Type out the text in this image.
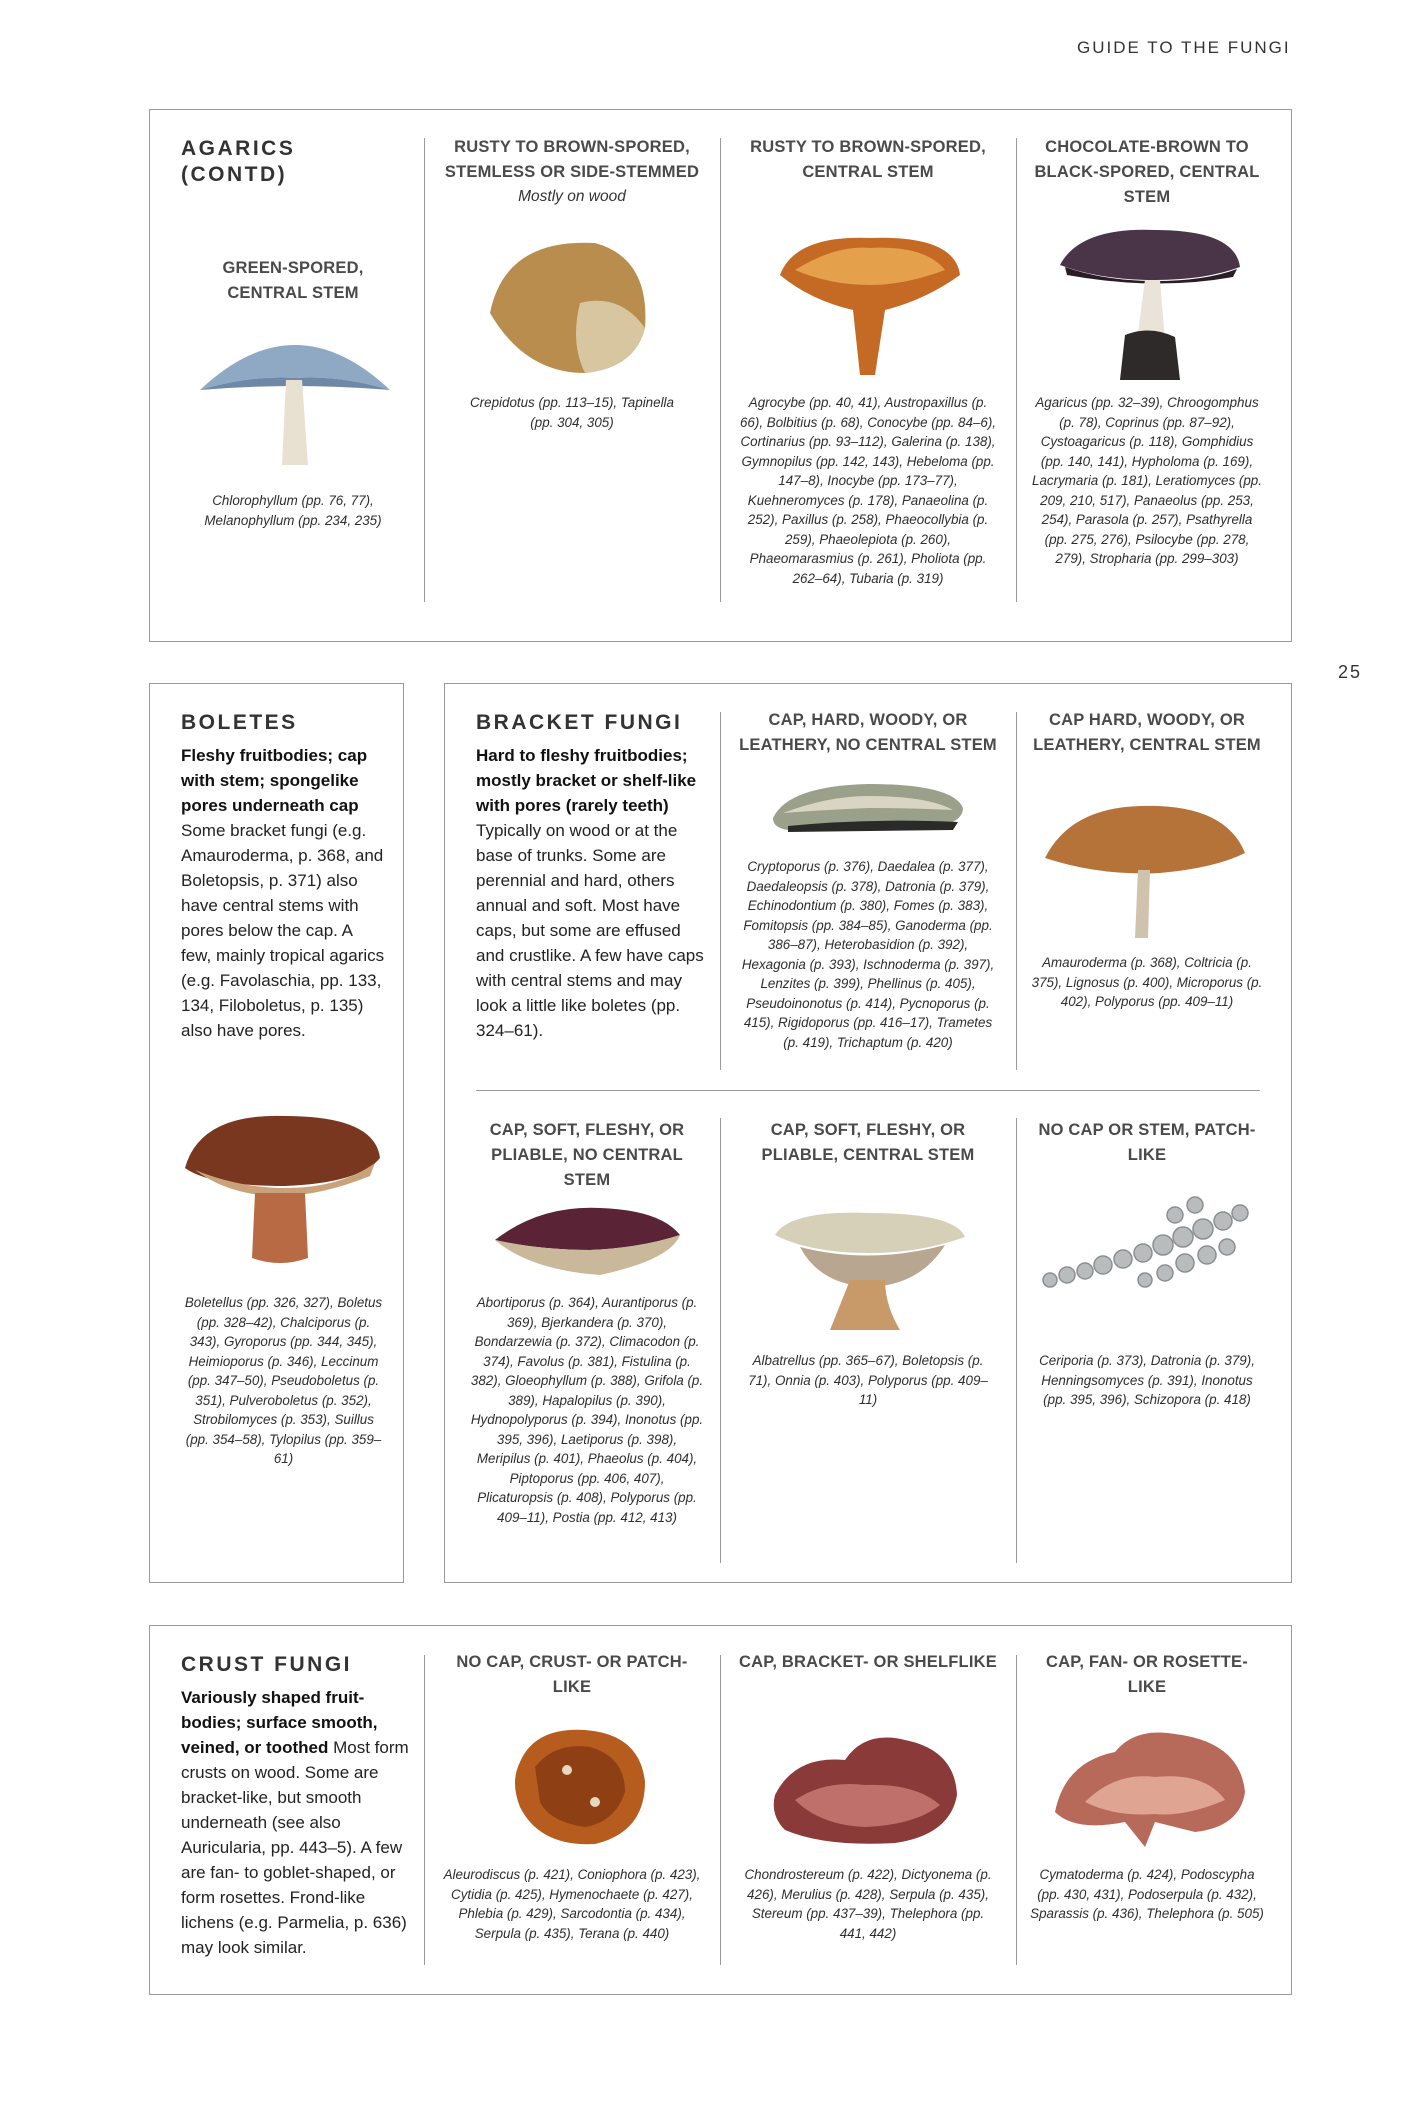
GUIDE TO THE FUNGI
25
AGARICS (CONTD)
GREEN-SPORED, CENTRAL STEM
Chlorophyllum (pp. 76, 77), Melanophyllum (pp. 234, 235)
RUSTY TO BROWN-SPORED, STEMLESS OR SIDE-STEMMED
Mostly on wood
Crepidotus (pp. 113–15), Tapinella (pp. 304, 305)
RUSTY TO BROWN-SPORED, CENTRAL STEM
Agrocybe (pp. 40, 41), Austropaxillus (p. 66), Bolbitius (p. 68), Conocybe (pp. 84–6), Cortinarius (pp. 93–112), Galerina (p. 138), Gymnopilus (pp. 142, 143), Hebeloma (pp. 147–8), Inocybe (pp. 173–77), Kuehneromyces (p. 178), Panaeolina (p. 252), Paxillus (p. 258), Phaeocollybia (p. 259), Phaeolepiota (p. 260), Phaeomarasmius (p. 261), Pholiota (pp. 262–64), Tubaria (p. 319)
CHOCOLATE-BROWN TO BLACK-SPORED, CENTRAL STEM
Agaricus (pp. 32–39), Chroogomphus (p. 78), Coprinus (pp. 87–92), Cystoagaricus (p. 118), Gomphidius (pp. 140, 141), Hypholoma (p. 169), Lacrymaria (p. 181), Leratiomyces (pp. 209, 210, 517), Panaeolus (pp. 253, 254), Parasola (p. 257), Psathyrella (pp. 275, 276), Psilocybe (pp. 278, 279), Stropharia (pp. 299–303)
BOLETES
Fleshy fruitbodies; cap with stem; spongelike pores underneath cap Some bracket fungi (e.g. Amauroderma, p. 368, and Boletopsis, p. 371) also have central stems with pores below the cap. A few, mainly tropical agarics (e.g. Favolaschia, pp. 133, 134, Filoboletus, p. 135) also have pores.
Boletellus (pp. 326, 327), Boletus (pp. 328–42), Chalciporus (p. 343), Gyroporus (pp. 344, 345), Heimioporus (p. 346), Leccinum (pp. 347–50), Pseudoboletus (p. 351), Pulveroboletus (p. 352), Strobilomyces (p. 353), Suillus (pp. 354–58), Tylopilus (pp. 359–61)
BRACKET FUNGI
Hard to fleshy fruitbodies; mostly bracket or shelf-like with pores (rarely teeth) Typically on wood or at the base of trunks. Some are perennial and hard, others annual and soft. Most have caps, but some are effused and crustlike. A few have caps with central stems and may look a little like boletes (pp. 324–61).
CAP, HARD, WOODY, OR LEATHERY, NO CENTRAL STEM
Cryptoporus (p. 376), Daedalea (p. 377), Daedaleopsis (p. 378), Datronia (p. 379), Echinodontium (p. 380), Fomes (p. 383), Fomitopsis (pp. 384–85), Ganoderma (pp. 386–87), Heterobasidion (p. 392), Hexagonia (p. 393), Ischnoderma (p. 397), Lenzites (p. 399), Phellinus (p. 405), Pseudoinonotus (p. 414), Pycnoporus (p. 415), Rigidoporus (pp. 416–17), Trametes (p. 419), Trichaptum (p. 420)
CAP HARD, WOODY, OR LEATHERY, CENTRAL STEM
Amauroderma (p. 368), Coltricia (p. 375), Lignosus (p. 400), Microporus (p. 402), Polyporus (pp. 409–11)
CAP, SOFT, FLESHY, OR PLIABLE, NO CENTRAL STEM
Abortiporus (p. 364), Aurantiporus (p. 369), Bjerkandera (p. 370), Bondarzewia (p. 372), Climacodon (p. 374), Favolus (p. 381), Fistulina (p. 382), Gloeophyllum (p. 388), Grifola (p. 389), Hapalopilus (p. 390), Hydnopolyporus (p. 394), Inonotus (pp. 395, 396), Laetiporus (p. 398), Meripilus (p. 401), Phaeolus (p. 404), Piptoporus (pp. 406, 407), Plicaturopsis (p. 408), Polyporus (pp. 409–11), Postia (pp. 412, 413)
CAP, SOFT, FLESHY, OR PLIABLE, CENTRAL STEM
Albatrellus (pp. 365–67), Boletopsis (p. 71), Onnia (p. 403), Polyporus (pp. 409–11)
NO CAP OR STEM, PATCH-LIKE
Ceriporia (p. 373), Datronia (p. 379), Henningsomyces (p. 391), Inonotus (pp. 395, 396), Schizopora (p. 418)
CRUST FUNGI
Variously shaped fruit-bodies; surface smooth, veined, or toothed Most form crusts on wood. Some are bracket-like, but smooth underneath (see also Auricularia, pp. 443–5). A few are fan- to goblet-shaped, or form rosettes. Frond-like lichens (e.g. Parmelia, p. 636) may look similar.
NO CAP, CRUST- OR PATCH-LIKE
Aleurodiscus (p. 421), Coniophora (p. 423), Cytidia (p. 425), Hymenochaete (p. 427), Phlebia (p. 429), Sarcodontia (p. 434), Serpula (p. 435), Terana (p. 440)
CAP, BRACKET- OR SHELFLIKE
Chondrostereum (p. 422), Dictyonema (p. 426), Merulius (p. 428), Serpula (p. 435), Stereum (pp. 437–39), Thelephora (pp. 441, 442)
CAP, FAN- OR ROSETTE-LIKE
Cymatoderma (p. 424), Podoscypha (pp. 430, 431), Podoserpula (p. 432), Sparassis (p. 436), Thelephora (p. 505)
